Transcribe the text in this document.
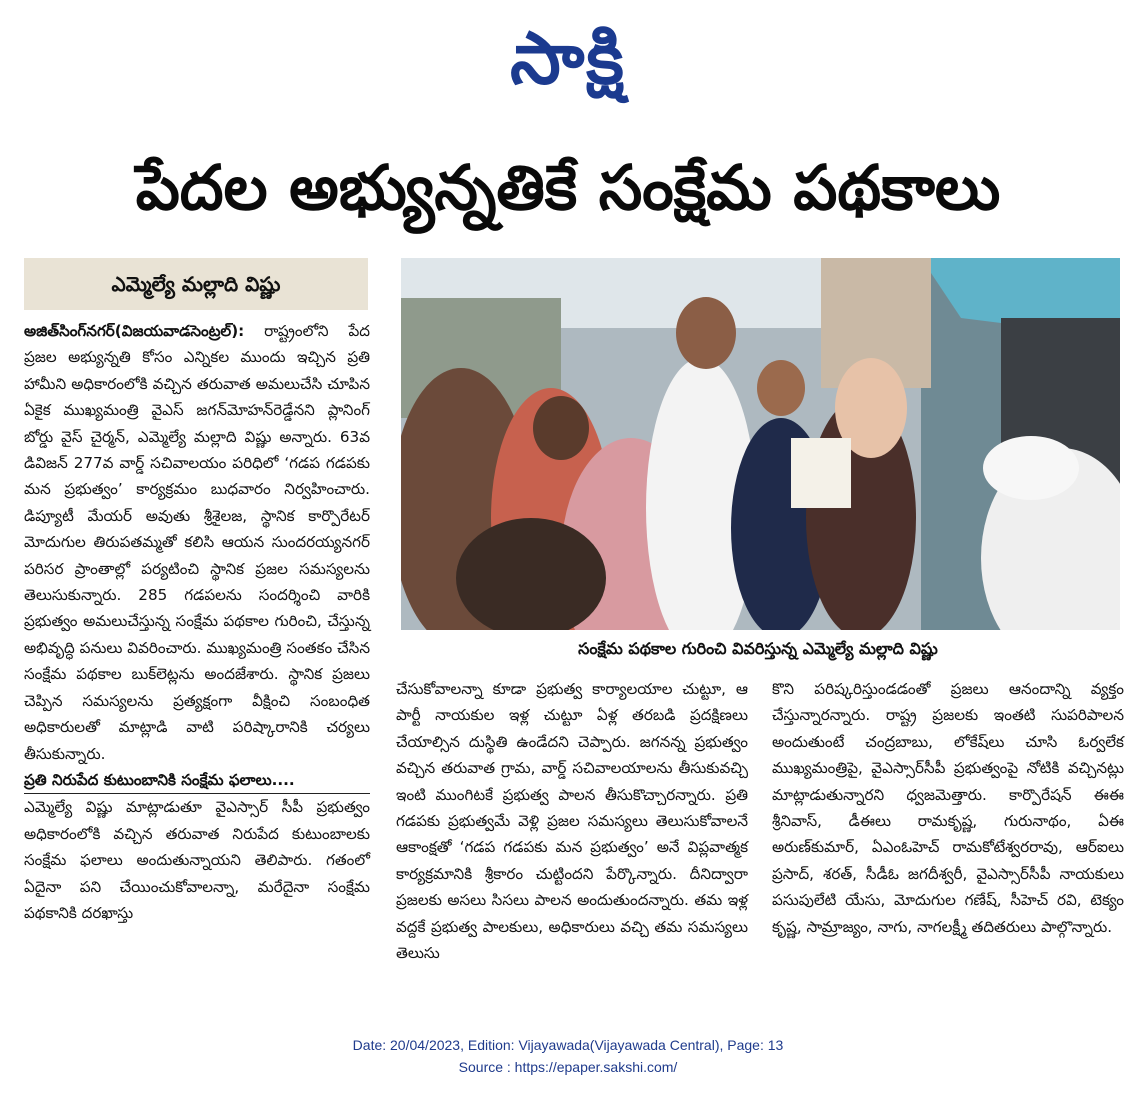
సాక్షి
పేదల అభ్యున్నతికే సంక్షేమ పథకాలు
ఎమ్మెల్యే మల్లాది విష్ణు

అజిత్‌సింగ్‌నగర్‌(విజయవాడసెంట్రల్‌): రాష్ట్రంలోని పేద ప్రజల అభ్యున్నతి కోసం ఎన్నికల ముందు ఇచ్చిన ప్రతి హామీని అధికారంలోకి వచ్చిన తరువాత అమలుచేసి చూపిన ఏకైక ముఖ్యమంత్రి వైఎస్‌ జగన్‌మోహన్‌రెడ్డేనని ప్లానింగ్‌ బోర్డు వైస్‌ చైర్మన్‌, ఎమ్మెల్యే మల్లాది విష్ణు అన్నారు. 63వ డివిజన్‌ 277వ వార్డ్‌ సచివాలయం పరిధిలో ‘గడప గడపకు మన ప్రభుత్వం’ కార్యక్రమం బుధవారం నిర్వహించారు. డిప్యూటీ మేయర్‌ అవుతు శ్రీశైలజ, స్థానిక కార్పొరేటర్‌ మోదుగుల తిరుపతమ్మతో కలిసి ఆయన సుందరయ్యనగర్‌ పరిసర ప్రాంతాల్లో పర్యటించి స్థానిక ప్రజల సమస్యలను తెలుసుకున్నారు. 285 గడపలను సందర్శించి వారికి ప్రభుత్వం అమలుచేస్తున్న సంక్షేమ పథకాల గురించి, చేస్తున్న అభివృద్ధి పనులు వివరించారు. ముఖ్యమంత్రి సంతకం చేసిన సంక్షేమ పథకాల బుక్‌లెట్లను అందజేశారు. స్థానిక ప్రజలు చెప్పిన సమస్యలను ప్రత్యక్షంగా వీక్షించి సంబంధిత అధికారులతో మాట్లాడి వాటి పరిష్కారానికి చర్యలు తీసుకున్నారు.

ప్రతి నిరుపేద కుటుంబానికి సంక్షేమ ఫలాలు....

ఎమ్మెల్యే విష్ణు మాట్లాడుతూ వైఎస్సార్‌ సీపీ ప్రభుత్వం అధికారంలోకి వచ్చిన తరువాత నిరుపేద కుటుంబాలకు సంక్షేమ ఫలాలు అందుతున్నాయని తెలిపారు. గతంలో ఏదైనా పని చేయించుకోవాలన్నా, మరేదైనా సంక్షేమ పథకానికి దరఖాస్తు

సంక్షేమ పథకాల గురించి వివరిస్తున్న ఎమ్మెల్యే మల్లాది విష్ణు

చేసుకోవాలన్నా కూడా ప్రభుత్వ కార్యాలయాల చుట్టూ, ఆ పార్టీ నాయకుల ఇళ్ల చుట్టూ ఏళ్ల తరబడి ప్రదక్షిణలు చేయాల్సిన దుస్థితి ఉండేదని చెప్పారు. జగనన్న ప్రభుత్వం వచ్చిన తరువాత గ్రామ, వార్డ్‌ సచివాలయాలను తీసుకువచ్చి ఇంటి ముంగిటకే ప్రభుత్వ పాలన తీసుకొచ్చారన్నారు. ప్రతి గడపకు ప్రభుత్వమే వెళ్లి ప్రజల సమస్యలు తెలుసుకోవాలనే ఆకాంక్షతో ‘గడప గడపకు మన ప్రభుత్వం’ అనే విప్లవాత్మక కార్యక్రమానికి శ్రీకారం చుట్టిందని పేర్కొన్నారు. దీనిద్వారా ప్రజలకు అసలు సిసలు పాలన అందుతుందన్నారు. తమ ఇళ్ల వద్దకే ప్రభుత్వ పాలకులు, అధికారులు వచ్చి తమ సమస్యలు తెలుసు

కొని పరిష్కరిస్తుండడంతో ప్రజలు ఆనందాన్ని వ్యక్తం చేస్తున్నారన్నారు. రాష్ట్ర ప్రజలకు ఇంతటి సుపరిపాలన అందుతుంటే చంద్రబాబు, లోకేష్‌లు చూసి ఓర్వలేక ముఖ్యమంత్రిపై, వైఎస్సార్‌సీపీ ప్రభుత్వంపై నోటికి వచ్చినట్లు మాట్లాడుతున్నారని ధ్వజమెత్తారు. కార్పొరేషన్‌ ఈఈ శ్రీనివాస్‌, డీఈలు రామకృష్ణ, గురునాథం, ఏఈ అరుణ్‌కుమార్‌, ఏఎంఓహెచ్‌ రామకోటేశ్వరరావు, ఆర్‌ఐలు ప్రసాద్‌, శరత్‌, సీడీఓ జగదీశ్వరీ, వైఎస్సార్‌సీపీ నాయకులు పసుపులేటి యేసు, మోదుగుల గణేష్‌, సీహెచ్‌ రవి, టెక్యం కృష్ణ, సామ్రాజ్యం, నాగు, నాగలక్ష్మీ తదితరులు పాల్గొన్నారు.

Date: 20/04/2023, Edition: Vijayawada(Vijayawada Central), Page: 13
Source : https://epaper.sakshi.com/
